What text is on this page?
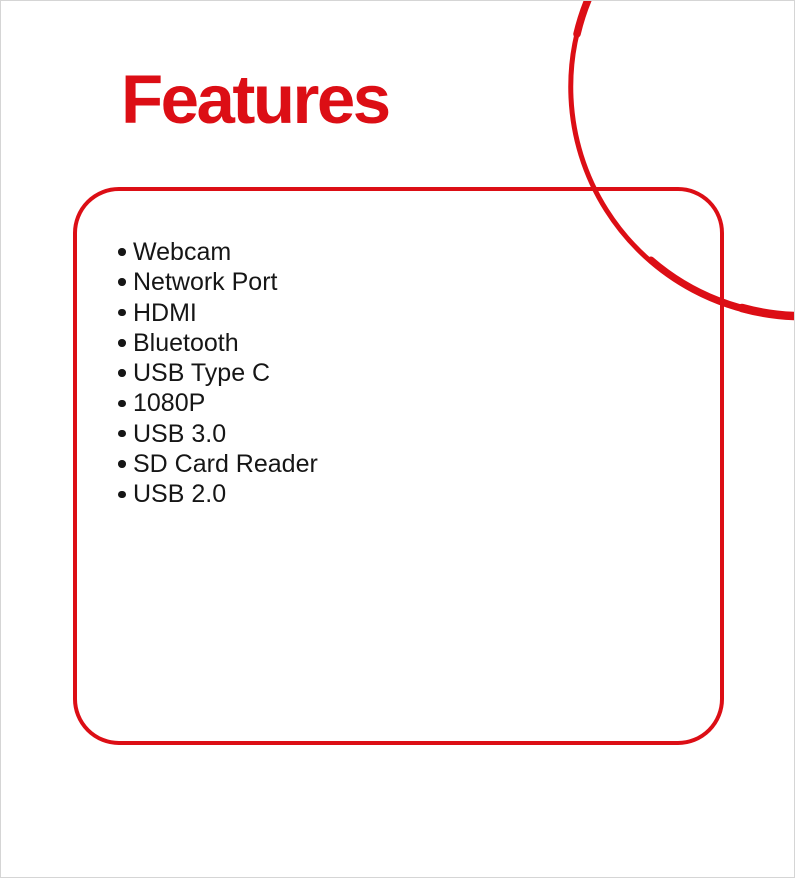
Features
Webcam
Network Port
HDMI
Bluetooth
USB Type C
1080P
USB 3.0
SD Card Reader
USB 2.0
